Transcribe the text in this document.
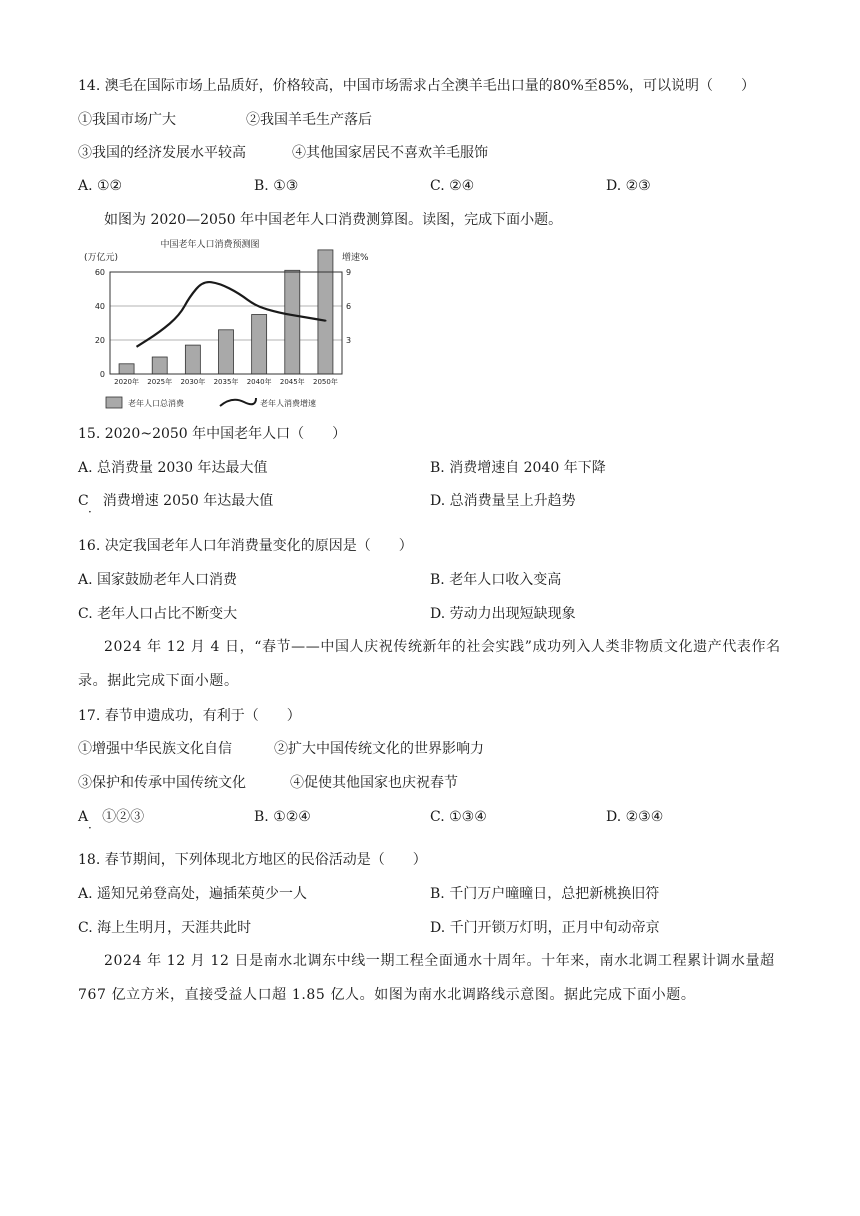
14. 澳毛在国际市场上品质好，价格较高，中国市场需求占全澳羊毛出口量的80%至85%，可以说明（　　）
①我国市场广大	②我国羊毛生产落后
③我国的经济发展水平较高	④其他国家居民不喜欢羊毛服饰
A. ①②	B. ①③	C. ②④	D. ②③
如图为 2020—2050 年中国老年人口消费测算图。读图，完成下面小题。
中国老年人口消费预测图
(万亿元)	增速%
0
20
40
60
3
6
9
2020年 2025年 2030年 2035年 2040年 2045年 2050年
老年人口总消费	老年人消费增速
15. 2020~2050 年中国老年人口（　　）
A. 总消费量 2030 年达最大值	B. 消费增速自 2040 年下降
C　消费增速 2050 年达最大值
·
D. 总消费量呈上升趋势
16. 决定我国老年人口年消费量变化的原因是（　　）
A. 国家鼓励老年人口消费	B. 老年人口收入变高
C. 老年人口占比不断变大	D. 劳动力出现短缺现象
2024 年 12 月 4 日，“春节——中国人庆祝传统新年的社会实践”成功列入人类非物质文化遗产代表作名录。据此完成下面小题。
17. 春节申遗成功，有利于（　　）
①增强中华民族文化自信	②扩大中国传统文化的世界影响力
③保护和传承中国传统文化	④促使其他国家也庆祝春节
A　①②③
·
B. ①②④	C. ①③④	D. ②③④
18. 春节期间，下列体现北方地区的民俗活动是（　　）
A. 遥知兄弟登高处，遍插茱萸少一人	B. 千门万户曈曈日，总把新桃换旧符
C. 海上生明月，天涯共此时	D. 千门开锁万灯明，正月中旬动帝京
2024 年 12 月 12 日是南水北调东中线一期工程全面通水十周年。十年来，南水北调工程累计调水量超 767 亿立方米，直接受益人口超 1.85 亿人。如图为南水北调路线示意图。据此完成下面小题。
